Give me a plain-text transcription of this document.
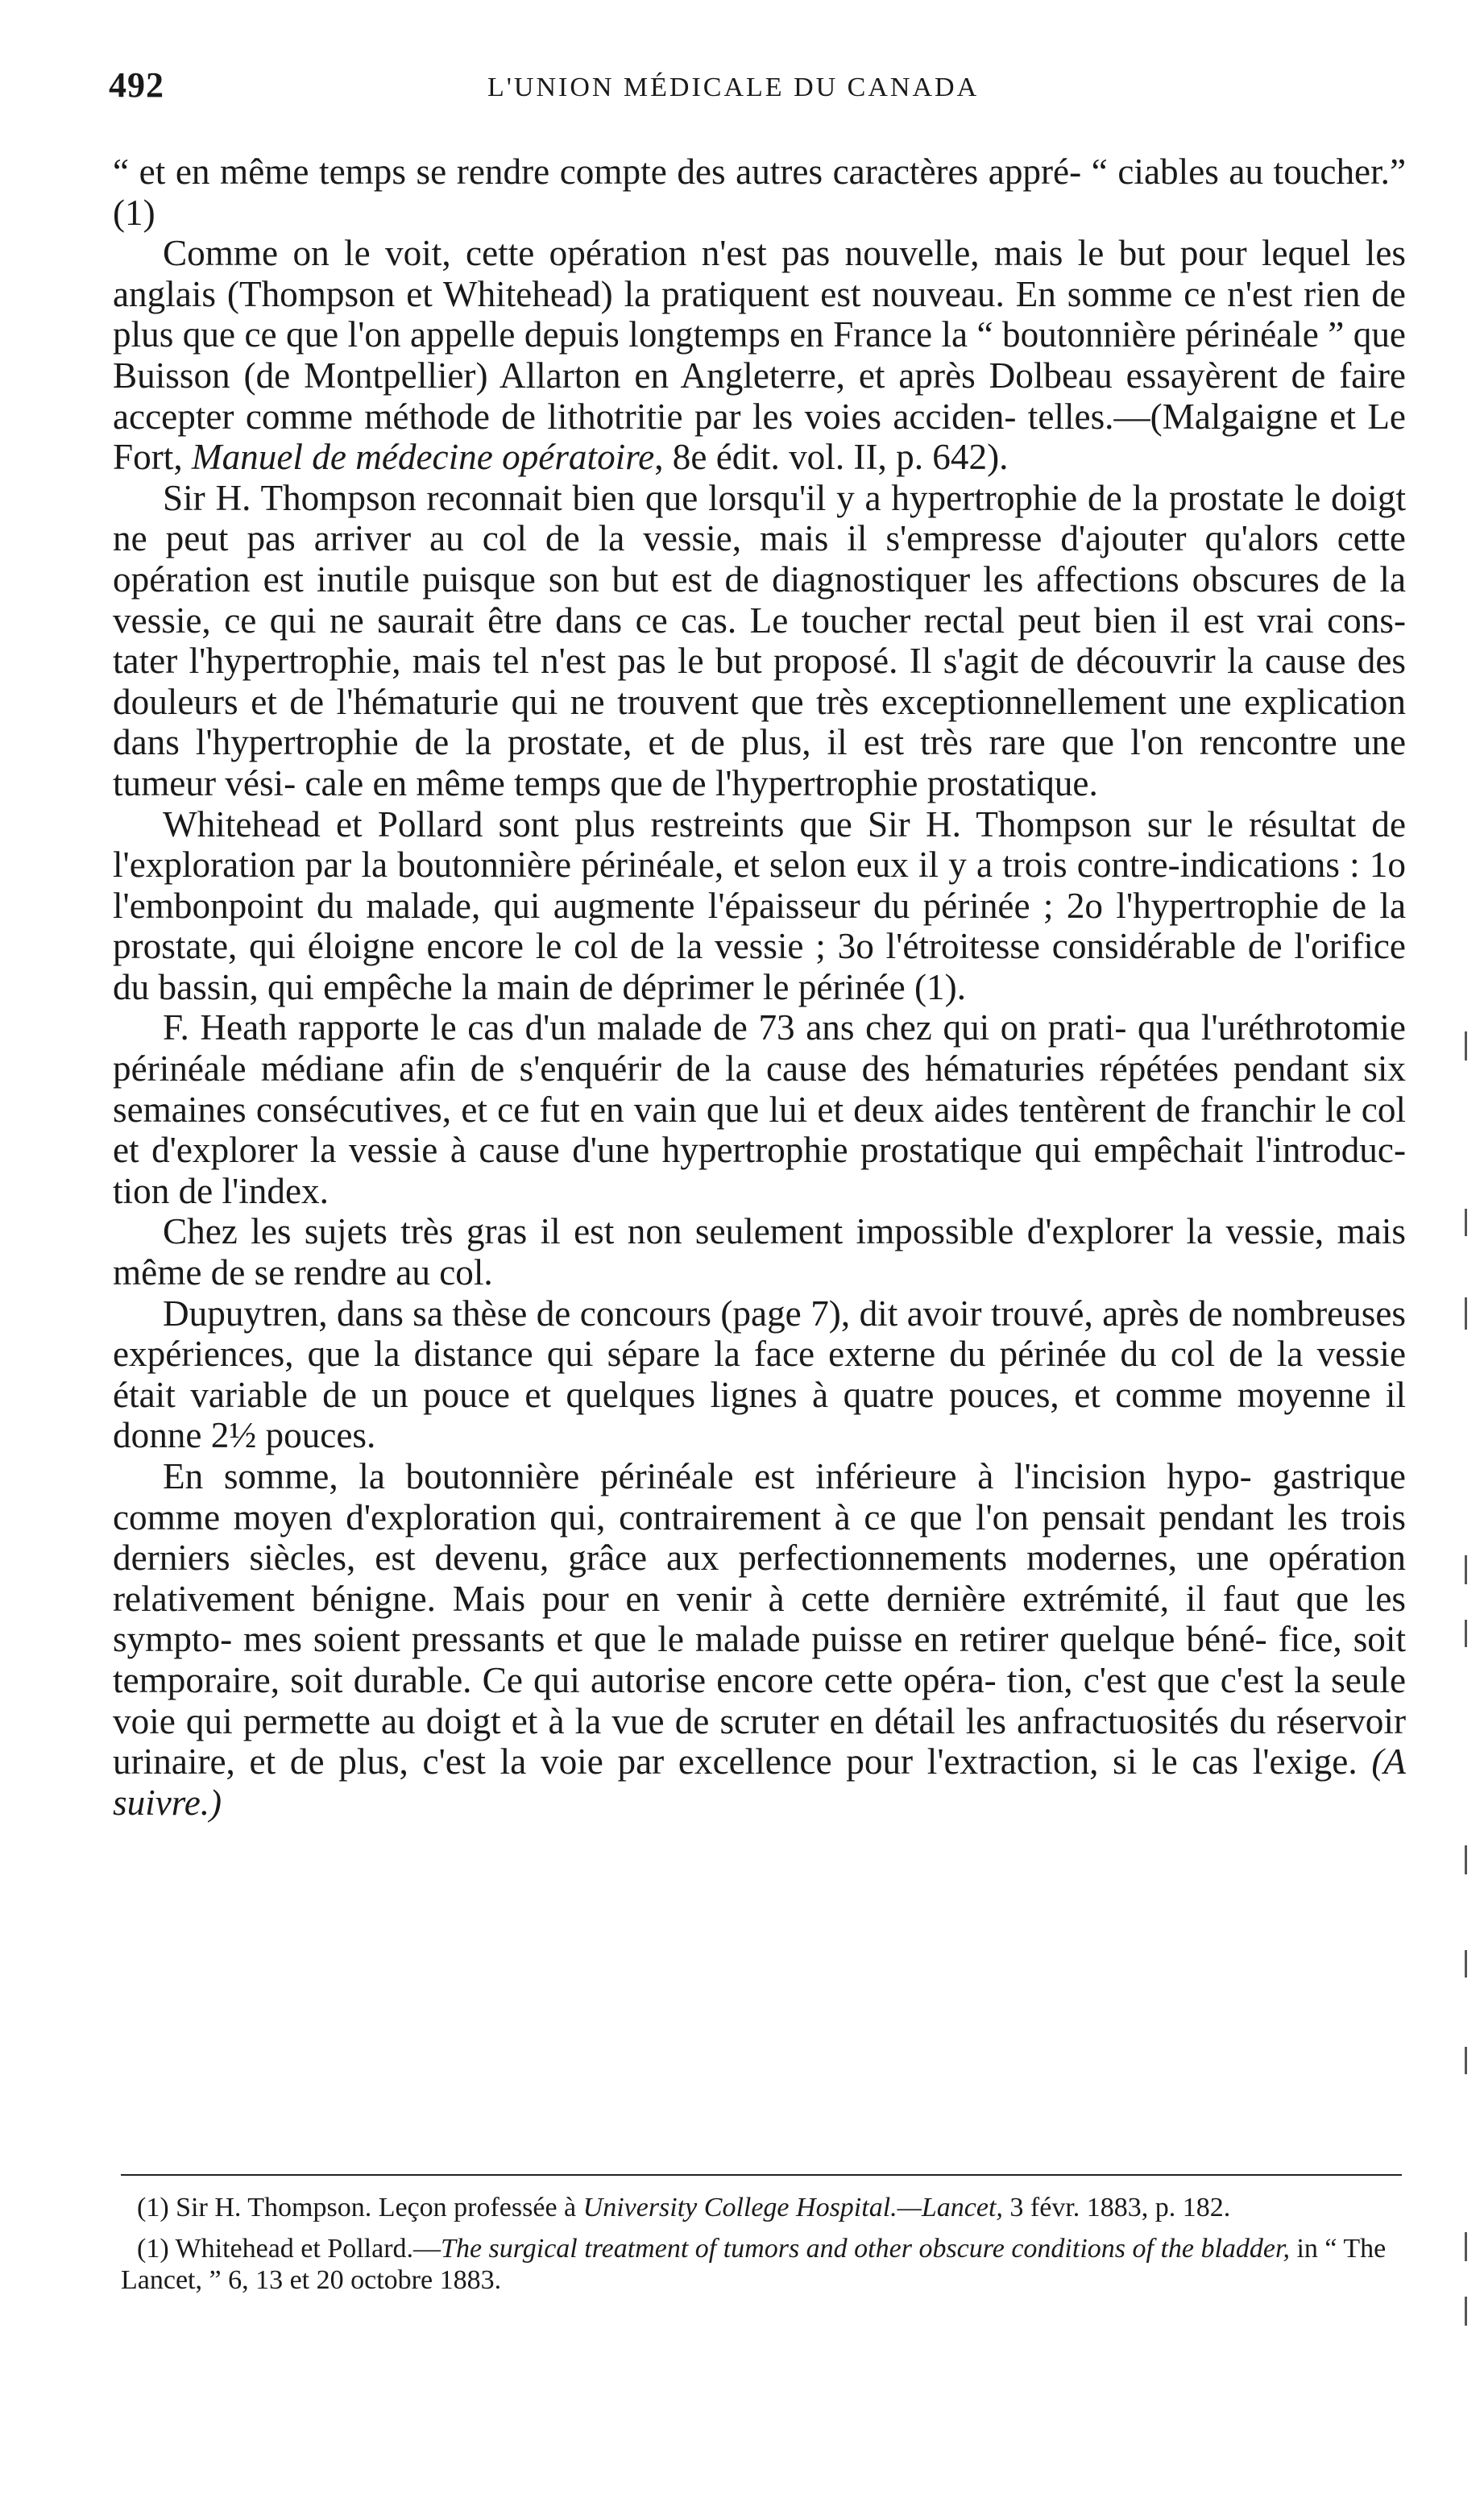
492	L'UNION MÉDICALE DU CANADA

“ et en même temps se rendre compte des autres caractères appré- “ ciables au toucher.” (1)

Comme on le voit, cette opération n'est pas nouvelle, mais le but pour lequel les anglais (Thompson et Whitehead) la pratiquent est nouveau. En somme ce n'est rien de plus que ce que l'on appelle depuis longtemps en France la “ boutonnière périnéale ” que Buisson (de Montpellier) Allarton en Angleterre, et après Dolbeau essayèrent de faire accepter comme méthode de lithotritie par les voies acciden- telles.—(Malgaigne et Le Fort, Manuel de médecine opératoire, 8e édit. vol. II, p. 642).

Sir H. Thompson reconnait bien que lorsqu'il y a hypertrophie de la prostate le doigt ne peut pas arriver au col de la vessie, mais il s'empresse d'ajouter qu'alors cette opération est inutile puisque son but est de diagnostiquer les affections obscures de la vessie, ce qui ne saurait être dans ce cas. Le toucher rectal peut bien il est vrai cons- tater l'hypertrophie, mais tel n'est pas le but proposé. Il s'agit de découvrir la cause des douleurs et de l'hématurie qui ne trouvent que très exceptionnellement une explication dans l'hypertrophie de la prostate, et de plus, il est très rare que l'on rencontre une tumeur vési- cale en même temps que de l'hypertrophie prostatique.

Whitehead et Pollard sont plus restreints que Sir H. Thompson sur le résultat de l'exploration par la boutonnière périnéale, et selon eux il y a trois contre-indications : 1o l'embonpoint du malade, qui augmente l'épaisseur du périnée ; 2o l'hypertrophie de la prostate, qui éloigne encore le col de la vessie ; 3o l'étroitesse considérable de l'orifice du bassin, qui empêche la main de déprimer le périnée (1).

F. Heath rapporte le cas d'un malade de 73 ans chez qui on prati- qua l'uréthrotomie périnéale médiane afin de s'enquérir de la cause des hématuries répétées pendant six semaines consécutives, et ce fut en vain que lui et deux aides tentèrent de franchir le col et d'explorer la vessie à cause d'une hypertrophie prostatique qui empêchait l'introduc- tion de l'index.

Chez les sujets très gras il est non seulement impossible d'explorer la vessie, mais même de se rendre au col.

Dupuytren, dans sa thèse de concours (page 7), dit avoir trouvé, après de nombreuses expériences, que la distance qui sépare la face externe du périnée du col de la vessie était variable de un pouce et quelques lignes à quatre pouces, et comme moyenne il donne 2½ pouces.

En somme, la boutonnière périnéale est inférieure à l'incision hypo- gastrique comme moyen d'exploration qui, contrairement à ce que l'on pensait pendant les trois derniers siècles, est devenu, grâce aux perfectionnements modernes, une opération relativement bénigne. Mais pour en venir à cette dernière extrémité, il faut que les sympto- mes soient pressants et que le malade puisse en retirer quelque béné- fice, soit temporaire, soit durable. Ce qui autorise encore cette opéra- tion, c'est que c'est la seule voie qui permette au doigt et à la vue de scruter en détail les anfractuosités du réservoir urinaire, et de plus, c'est la voie par excellence pour l'extraction, si le cas l'exige. (A suivre.)

(1) Sir H. Thompson. Leçon professée à University College Hospital.—Lancet, 3 févr. 1883, p. 182.

(1) Whitehead et Pollard.—The surgical treatment of tumors and other obscure conditions of the bladder, in “ The Lancet, ” 6, 13 et 20 octobre 1883.
